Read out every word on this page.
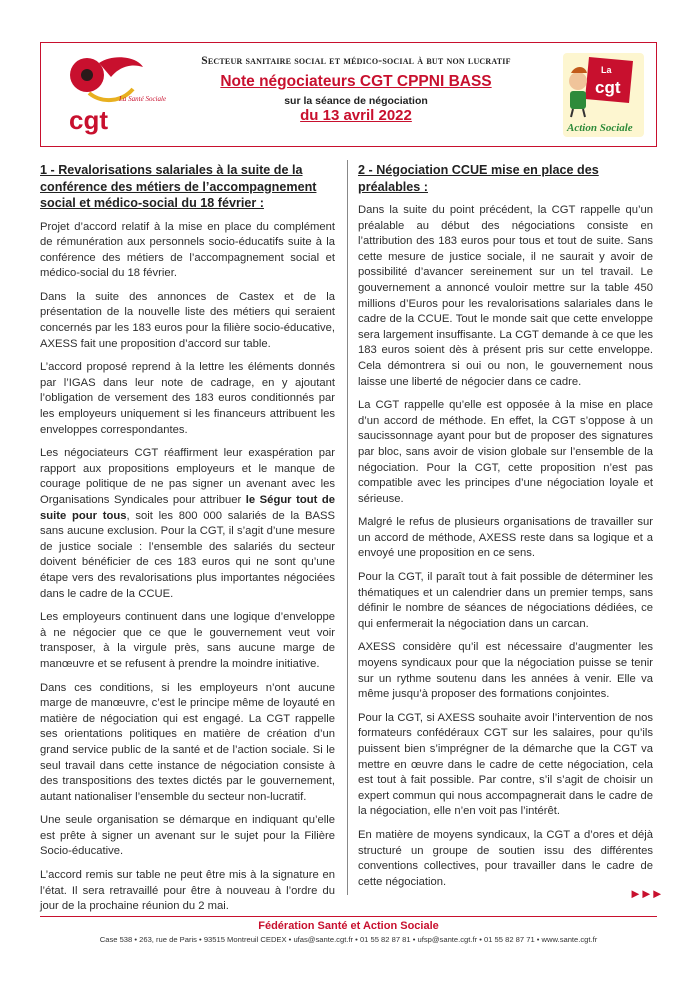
La Santé Sociale
cgt
Secteur sanitaire social et médico-social à but non lucratif
Note négociateurs CGT CPPNI BASS
sur la séance de négociation
du 13 avril 2022
La
cgt
Action Sociale
1 - Revalorisations salariales à la suite de la conférence des métiers de l’accompagnement social et médico-social du 18 février :

Projet d’accord relatif à la mise en place du complément de rémunération aux personnels socio-éducatifs suite à la conférence des métiers de l’accompagnement social et médico-social du 18 février.

Dans la suite des annonces de Castex et de la présentation de la nouvelle liste des métiers qui seraient concernés par les 183 euros pour la filière socio-éducative, AXESS fait une proposition d’accord sur table.

L’accord proposé reprend à la lettre les éléments donnés par l’IGAS dans leur note de cadrage, en y ajoutant l’obligation de versement des 183 euros conditionnés par les employeurs uniquement si les financeurs attribuent les enveloppes correspondantes.

Les négociateurs CGT réaffirment leur exaspération par rapport aux propositions employeurs et le manque de courage politique de ne pas signer un avenant avec les Organisations Syndicales pour attribuer le Ségur tout de suite pour tous, soit les 800 000 salariés de la BASS sans aucune exclusion. Pour la CGT, il s’agit d’une mesure de justice sociale : l’ensemble des salariés du secteur doivent bénéficier de ces 183 euros qui ne sont qu’une étape vers des revalorisations plus importantes négociées dans le cadre de la CCUE.

Les employeurs continuent dans une logique d’enveloppe à ne négocier que ce que le gouvernement veut voir transposer, à la virgule près, sans aucune marge de manœuvre et se refusent à prendre la moindre initiative.

Dans ces conditions, si les employeurs n’ont aucune marge de manœuvre, c’est le principe même de loyauté en matière de négociation qui est engagé. La CGT rappelle ses orientations politiques en matière de création d’un grand service public de la santé et de l’action sociale. Si le seul travail dans cette instance de négociation consiste à des transpositions des textes dictés par le gouvernement, autant nationaliser l’ensemble du secteur non-lucratif.

Une seule organisation se démarque en indiquant qu’elle est prête à signer un avenant sur le sujet pour la Filière Socio-éducative.

L’accord remis sur table ne peut être mis à la signature en l’état. Il sera retravaillé pour être à nouveau à l’ordre du jour de la prochaine réunion du 2 mai.

2 - Négociation CCUE mise en place des préalables :

Dans la suite du point précédent, la CGT rappelle qu’un préalable au début des négociations consiste en l’attribution des 183 euros pour tous et tout de suite. Sans cette mesure de justice sociale, il ne saurait y avoir de possibilité d’avancer sereinement sur un tel travail. Le gouvernement a annoncé vouloir mettre sur la table 450 millions d’Euros pour les revalorisations salariales dans le cadre de la CCUE. Tout le monde sait que cette enveloppe sera largement insuffisante. La CGT demande à ce que les 183 euros soient dès à présent pris sur cette enveloppe. Cela démontrera si oui ou non, le gouvernement nous laisse une liberté de négocier dans ce cadre.

La CGT rappelle qu’elle est opposée à la mise en place d’un accord de méthode. En effet, la CGT s’oppose à un saucissonnage ayant pour but de proposer des signatures par bloc, sans avoir de vision globale sur l’ensemble de la négociation. Pour la CGT, cette proposition n’est pas compatible avec les principes d’une négociation loyale et sérieuse.

Malgré le refus de plusieurs organisations de travailler sur un accord de méthode, AXESS reste dans sa logique et a envoyé une proposition en ce sens.

Pour la CGT, il paraît tout à fait possible de déterminer les thématiques et un calendrier dans un premier temps, sans définir le nombre de séances de négociations dédiées, ce qui enfermerait la négociation dans un carcan.

AXESS considère qu’il est nécessaire d’augmenter les moyens syndicaux pour que la négociation puisse se tenir sur un rythme soutenu dans les années à venir. Elle va même jusqu’à proposer des formations conjointes.

Pour la CGT, si AXESS souhaite avoir l’intervention de nos formateurs confédéraux CGT sur les salaires, pour qu’ils puissent bien s’imprégner de la démarche que la CGT va mettre en œuvre dans le cadre de cette négociation, cela est tout à fait possible. Par contre, s’il s’agit de choisir un expert commun qui nous accompagnerait dans le cadre de la négociation, elle n’en voit pas l’intérêt.

En matière de moyens syndicaux, la CGT a d’ores et déjà structuré un groupe de soutien issu des différentes conventions collectives, pour travailler dans le cadre de cette négociation.

►►►
Fédération Santé et Action Sociale
Case 538 • 263, rue de Paris • 93515 Montreuil CEDEX • ufas@sante.cgt.fr • 01 55 82 87 81 • ufsp@sante.cgt.fr • 01 55 82 87 71 • www.sante.cgt.fr
